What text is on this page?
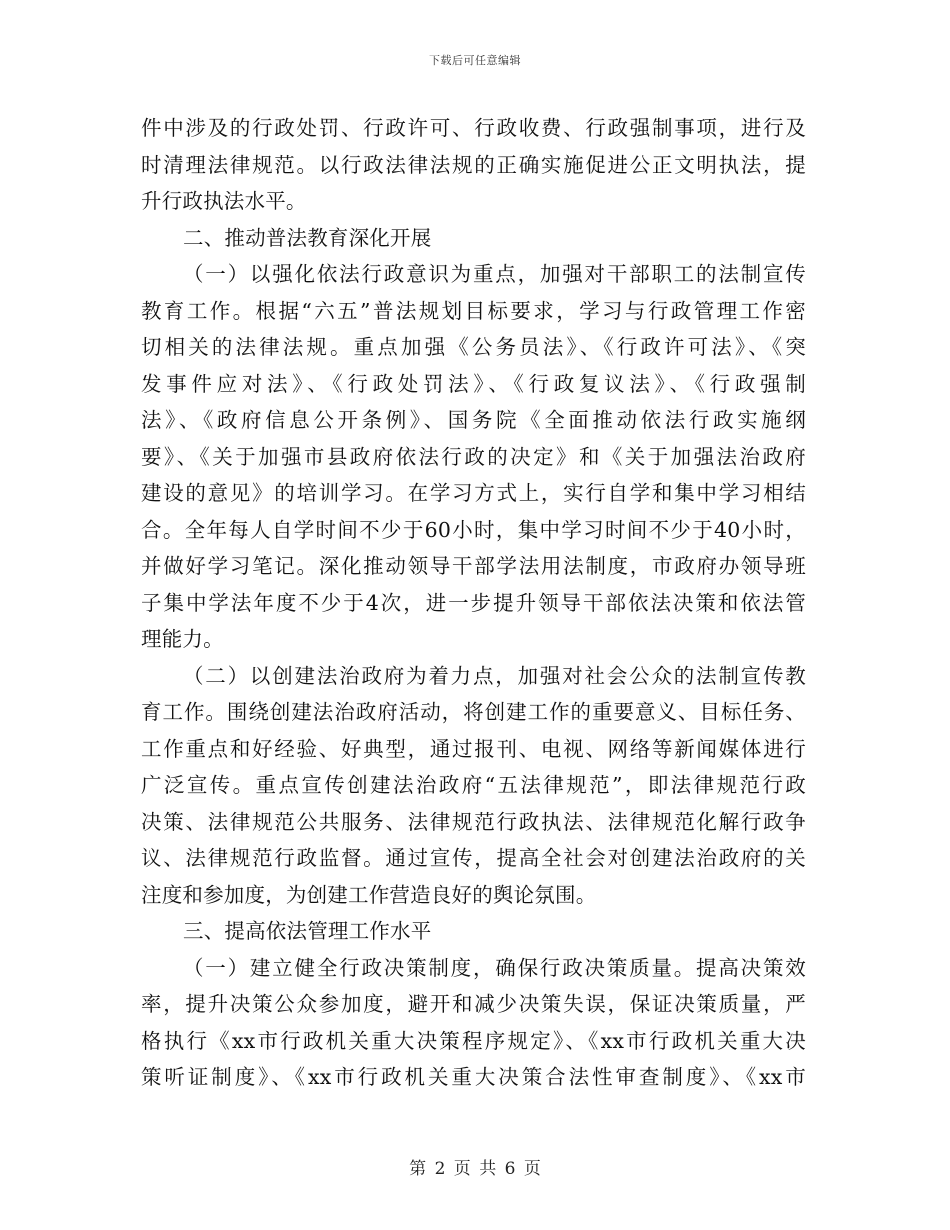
下载后可任意编辑
件中涉及的行政处罚、行政许可、行政收费、行政强制事项，进行及
时清理法律规范。以行政法律法规的正确实施促进公正文明执法，提
升行政执法水平。
二、推动普法教育深化开展
（一）以强化依法行政意识为重点，加强对干部职工的法制宣传
教育工作。根据“六五”普法规划目标要求，学习与行政管理工作密
切相关的法律法规。重点加强《公务员法》、《行政许可法》、《突
发事件应对法》、《行政处罚法》、《行政复议法》、《行政强制
法》、《政府信息公开条例》、国务院《全面推动依法行政实施纲
要》、《关于加强市县政府依法行政的决定》和《关于加强法治政府
建设的意见》的培训学习。在学习方式上，实行自学和集中学习相结
合。全年每人自学时间不少于60小时，集中学习时间不少于40小时，
并做好学习笔记。深化推动领导干部学法用法制度，市政府办领导班
子集中学法年度不少于4次，进一步提升领导干部依法决策和依法管
理能力。
（二）以创建法治政府为着力点，加强对社会公众的法制宣传教
育工作。围绕创建法治政府活动，将创建工作的重要意义、目标任务、
工作重点和好经验、好典型，通过报刊、电视、网络等新闻媒体进行
广泛宣传。重点宣传创建法治政府“五法律规范”，即法律规范行政
决策、法律规范公共服务、法律规范行政执法、法律规范化解行政争
议、法律规范行政监督。通过宣传，提高全社会对创建法治政府的关
注度和参加度，为创建工作营造良好的舆论氛围。
三、提高依法管理工作水平
（一）建立健全行政决策制度，确保行政决策质量。提高决策效
率，提升决策公众参加度，避开和减少决策失误，保证决策质量，严
格执行《xx市行政机关重大决策程序规定》、《xx市行政机关重大决
策听证制度》、《xx市行政机关重大决策合法性审查制度》、《xx市
第 2 页 共 6 页
